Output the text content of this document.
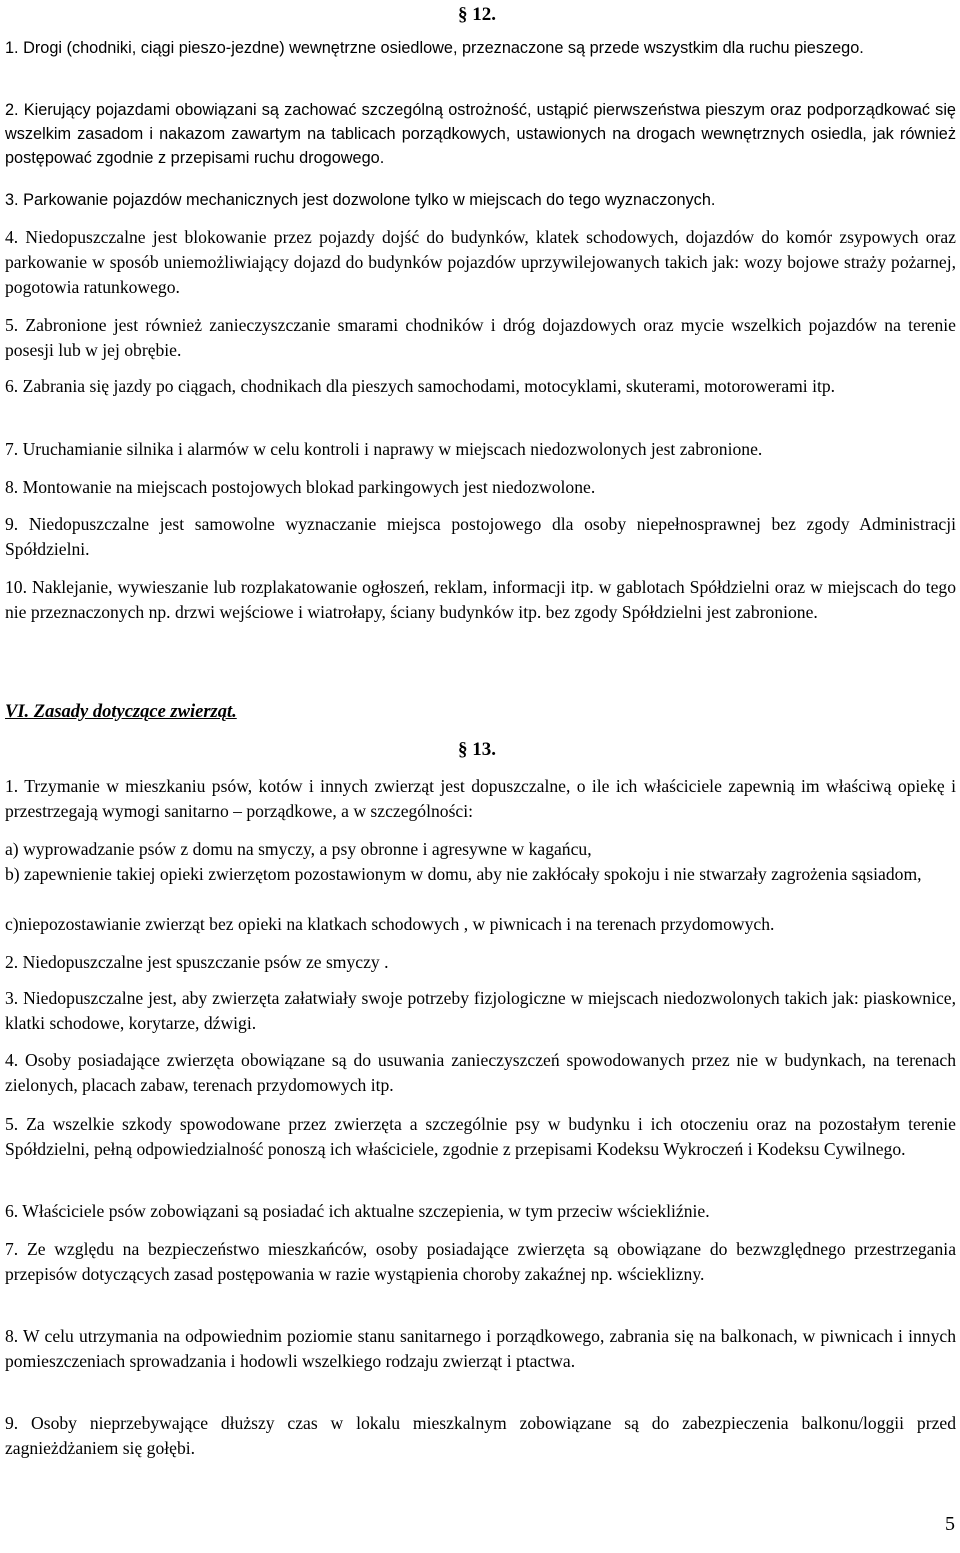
§ 12.

1. Drogi (chodniki, ciągi pieszo-jezdne) wewnętrzne osiedlowe, przeznaczone są przede wszystkim dla ruchu pieszego.

2. Kierujący pojazdami obowiązani są zachować szczególną ostrożność, ustąpić pierwszeństwa pieszym oraz podporządkować się wszelkim zasadom i nakazom zawartym na tablicach porządkowych, ustawionych na drogach wewnętrznych osiedla, jak również postępować zgodnie z przepisami ruchu drogowego.

3. Parkowanie pojazdów mechanicznych jest dozwolone tylko w miejscach do tego wyznaczonych.

4. Niedopuszczalne jest blokowanie przez pojazdy dojść do budynków, klatek schodowych, dojazdów do komór zsypowych oraz parkowanie w sposób uniemożliwiający dojazd do budynków pojazdów uprzywilejowanych takich jak: wozy bojowe straży pożarnej, pogotowia ratunkowego.

5. Zabronione jest również zanieczyszczanie smarami chodników i dróg dojazdowych oraz mycie wszelkich pojazdów na terenie posesji lub w jej obrębie.

6. Zabrania się jazdy po ciągach, chodnikach dla pieszych samochodami, motocyklami, skuterami, motorowerami itp.

7. Uruchamianie silnika i alarmów w celu kontroli i naprawy w miejscach niedozwolonych jest zabronione.

8. Montowanie na miejscach postojowych blokad parkingowych jest niedozwolone.

9. Niedopuszczalne jest samowolne wyznaczanie miejsca postojowego dla osoby niepełnosprawnej bez zgody Administracji Spółdzielni.

10. Naklejanie, wywieszanie lub rozplakatowanie ogłoszeń, reklam, informacji itp. w gablotach Spółdzielni oraz w miejscach do tego nie przeznaczonych np. drzwi wejściowe i wiatrołapy, ściany budynków itp. bez zgody Spółdzielni jest zabronione.

VI. Zasady dotyczące zwierząt.
§ 13.

1. Trzymanie w mieszkaniu psów, kotów i innych zwierząt jest dopuszczalne, o ile ich właściciele zapewnią im właściwą opiekę i przestrzegają wymogi sanitarno – porządkowe, a w szczególności:

a) wyprowadzanie psów z domu na smyczy, a psy obronne i agresywne w kagańcu,

b) zapewnienie takiej opieki zwierzętom pozostawionym w domu, aby nie zakłócały spokoju i nie stwarzały zagrożenia sąsiadom,

c)niepozostawianie zwierząt bez opieki na klatkach schodowych , w piwnicach i na terenach przydomowych.

2. Niedopuszczalne jest spuszczanie psów ze smyczy .

3. Niedopuszczalne jest, aby zwierzęta załatwiały swoje potrzeby fizjologiczne w miejscach niedozwolonych takich jak: piaskownice, klatki schodowe, korytarze, dźwigi.

4. Osoby posiadające zwierzęta obowiązane są do usuwania zanieczyszczeń spowodowanych przez nie w budynkach, na terenach zielonych, placach zabaw, terenach przydomowych itp.

5. Za wszelkie szkody spowodowane przez zwierzęta a szczególnie psy w budynku i ich otoczeniu oraz na pozostałym terenie Spółdzielni, pełną odpowiedzialność ponoszą ich właściciele, zgodnie z przepisami Kodeksu Wykroczeń i Kodeksu Cywilnego.

6. Właściciele psów zobowiązani są posiadać ich aktualne szczepienia, w tym przeciw wściekliźnie.

7. Ze względu na bezpieczeństwo mieszkańców, osoby posiadające zwierzęta są obowiązane do bezwzględnego przestrzegania przepisów dotyczących zasad postępowania w razie wystąpienia choroby zakaźnej np. wścieklizny.

8. W celu utrzymania na odpowiednim poziomie stanu sanitarnego i porządkowego, zabrania się na balkonach, w piwnicach i innych pomieszczeniach sprowadzania i hodowli wszelkiego rodzaju zwierząt i ptactwa.

9. Osoby nieprzebywające dłuższy czas w lokalu mieszkalnym zobowiązane są do zabezpieczenia balkonu/loggii przed zagnieżdżaniem się gołębi.

5
